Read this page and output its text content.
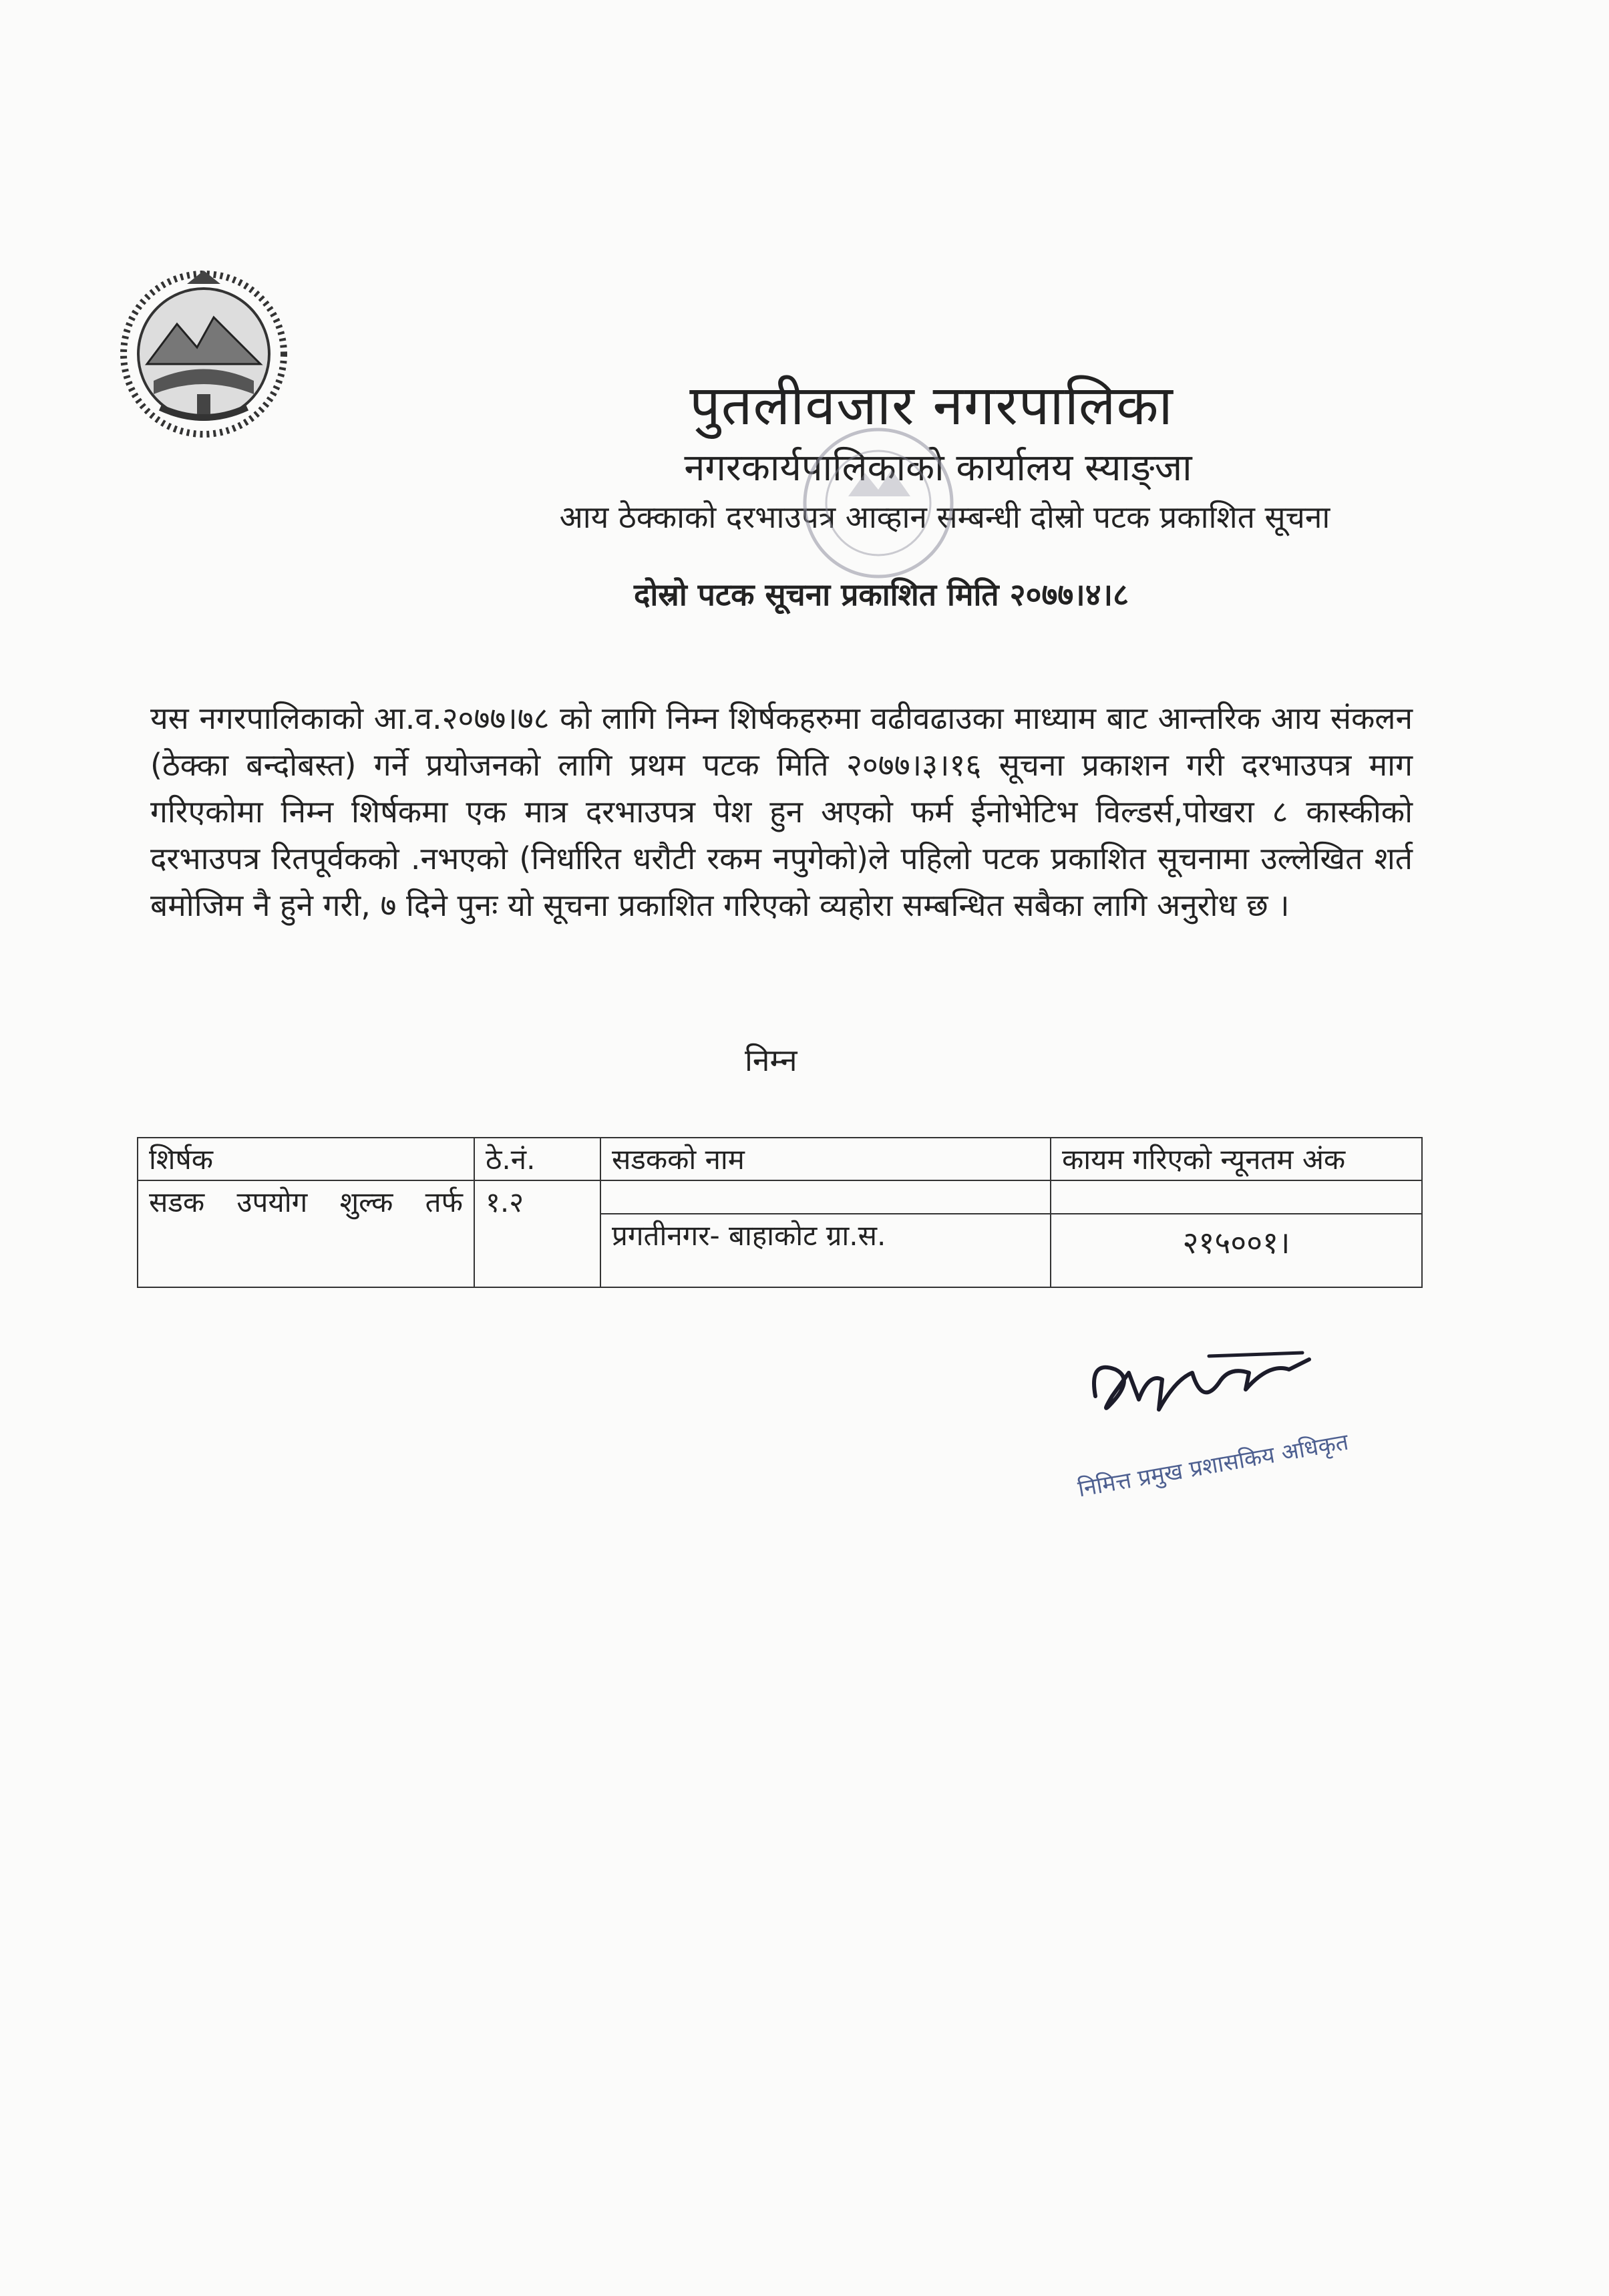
पुतलीवजार नगरपालिका
नगरकार्यपालिकाको कार्यालय स्याङ्जा
आय ठेक्काको दरभाउपत्र आव्हान सम्बन्धी दोस्रो पटक प्रकाशित सूचना
दोस्रो पटक सूचना प्रकाशित मिति २०७७।४।८
यस नगरपालिकाको आ.व.२०७७।७८ को लागि निम्न शिर्षकहरुमा वढीवढाउका माध्याम बाट आन्तरिक आय संकलन (ठेक्का बन्दोबस्त) गर्ने प्रयोजनको लागि प्रथम पटक मिति २०७७।३।१६ सूचना प्रकाशन गरी दरभाउपत्र माग गरिएकोमा निम्न शिर्षकमा एक मात्र दरभाउपत्र पेश हुन अएको फर्म ईनोभेटिभ विल्डर्स,पोखरा ८ कास्कीको दरभाउपत्र रितपूर्वकको .नभएको (निर्धारित धरौटी रकम नपुगेको)ले पहिलो पटक प्रकाशित सूचनामा उल्लेखित शर्त बमोजिम नै हुने गरी, ७ दिने पुनः यो सूचना प्रकाशित गरिएको व्यहोरा सम्बन्धित सबैका लागि अनुरोध छ ।
निम्न
शिर्षक	ठे.नं.	सडकको नाम	कायम गरिएको न्यूनतम अंक
सडक उपयोग शुल्क तर्फ	१.२		
		प्रगतीनगर- बाहाकोट ग्रा.स.	२१५००१।
निमित्त प्रमुख प्रशासकिय अधिकृत
